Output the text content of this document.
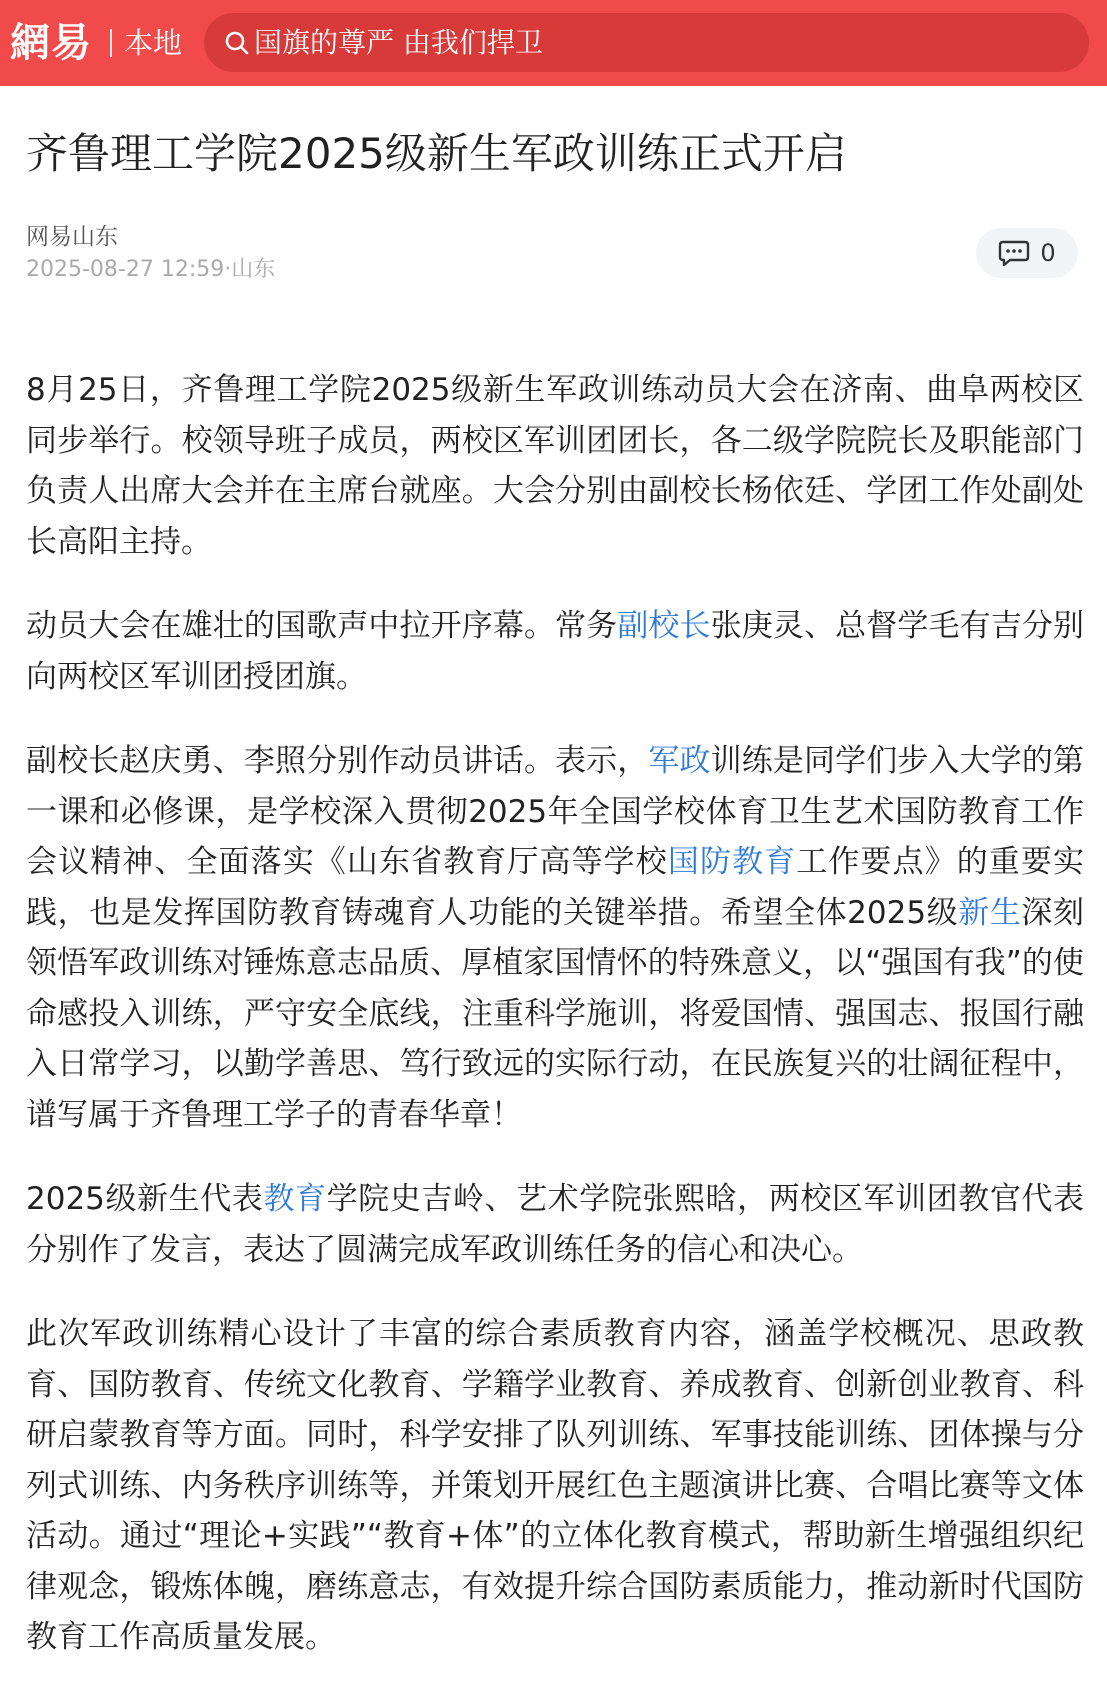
網易 本地	国旗的尊严 由我们捍卫
齐鲁理工学院2025级新生军政训练正式开启
网易山东
2025-08-27 12:59·山东
0

8月25日，齐鲁理工学院2025级新生军政训练动员大会在济南、曲阜两校区同步举行。校领导班子成员，两校区军训团团长，各二级学院院长及职能部门负责人出席大会并在主席台就座。大会分别由副校长杨依廷、学团工作处副处长高阳主持。

动员大会在雄壮的国歌声中拉开序幕。常务副校长张庚灵、总督学毛有吉分别向两校区军训团授团旗。

副校长赵庆勇、李照分别作动员讲话。表示，军政训练是同学们步入大学的第一课和必修课，是学校深入贯彻2025年全国学校体育卫生艺术国防教育工作会议精神、全面落实《山东省教育厅高等学校国防教育工作要点》的重要实践，也是发挥国防教育铸魂育人功能的关键举措。希望全体2025级新生深刻领悟军政训练对锤炼意志品质、厚植家国情怀的特殊意义，以“强国有我”的使命感投入训练，严守安全底线，注重科学施训，将爱国情、强国志、报国行融入日常学习，以勤学善思、笃行致远的实际行动，在民族复兴的壮阔征程中，谱写属于齐鲁理工学子的青春华章！

2025级新生代表教育学院史吉岭、艺术学院张熙晗，两校区军训团教官代表分别作了发言，表达了圆满完成军政训练任务的信心和决心。

此次军政训练精心设计了丰富的综合素质教育内容，涵盖学校概况、思政教育、国防教育、传统文化教育、学籍学业教育、养成教育、创新创业教育、科研启蒙教育等方面。同时，科学安排了队列训练、军事技能训练、团体操与分列式训练、内务秩序训练等，并策划开展红色主题演讲比赛、合唱比赛等文体活动。通过“理论+实践”“教育+体”的立体化教育模式，帮助新生增强组织纪律观念，锻炼体魄，磨练意志，有效提升综合国防素质能力，推动新时代国防教育工作高质量发展。
